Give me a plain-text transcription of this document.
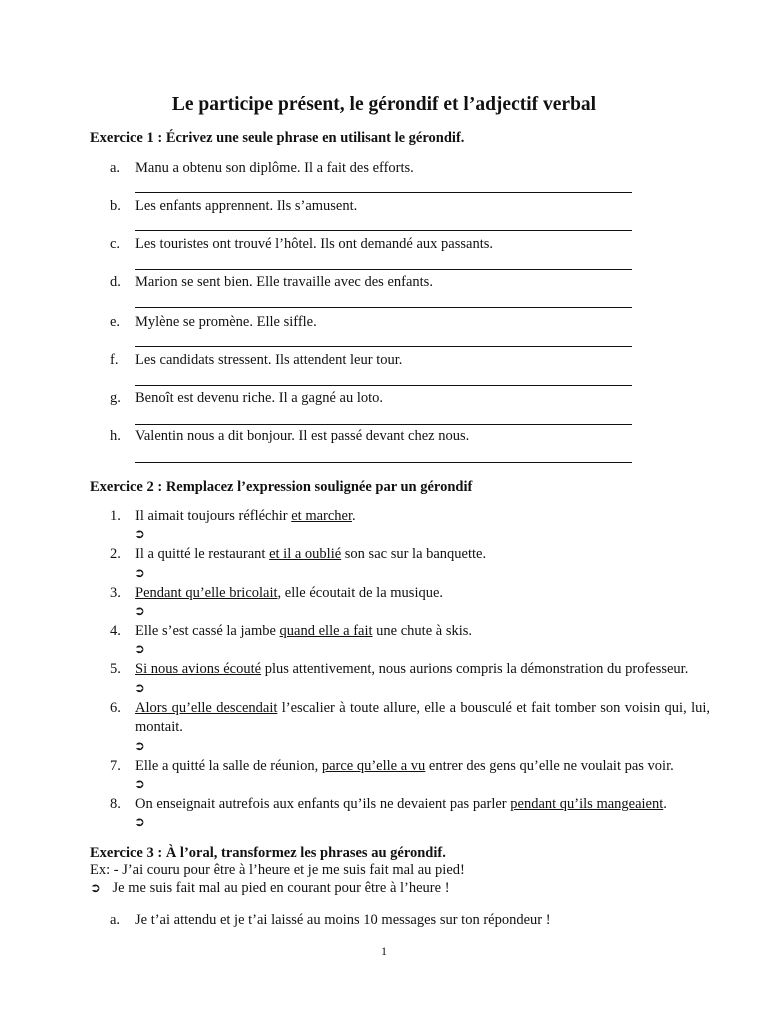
Le participe présent, le gérondif et l’adjectif verbal
Exercice 1 : Écrivez une seule phrase en utilisant le gérondif.
a.	Manu a obtenu son diplôme. Il a fait des efforts.
b. Les enfants apprennent. Ils s’amusent.
c.	Les touristes ont trouvé l’hôtel. Ils ont demandé aux passants.
d. Marion se sent bien. Elle travaille avec des enfants.
e.	Mylène se promène. Elle siffle.
f.	Les candidats stressent. Ils attendent leur tour.
g. Benoît est devenu riche. Il a gagné au loto.
h. Valentin nous a dit bonjour. Il est passé devant chez nous.
Exercice 2 : Remplacez l’expression soulignée par un gérondif
1. Il aimait toujours réfléchir et marcher.
➲
2. Il a quitté le restaurant et il a oublié son sac sur la banquette.
➲
3. Pendant qu’elle bricolait, elle écoutait de la musique.
➲
4. Elle s’est cassé la jambe quand elle a fait une chute à skis.
➲
5. Si nous avions écouté plus attentivement, nous aurions compris la démonstration du professeur.
➲
6. Alors qu’elle descendait l’escalier à toute allure, elle a bousculé et fait tomber son voisin qui, lui, montait.
➲
7. Elle a quitté la salle de réunion, parce qu’elle a vu entrer des gens qu’elle ne voulait pas voir.
➲
8. On enseignait autrefois aux enfants qu’ils ne devaient pas parler pendant qu’ils mangeaient.
➲
Exercice 3 : À l’oral, transformez les phrases au gérondif.
Ex: - J’ai couru pour être à l’heure et je me suis fait mal au pied!
➲ Je me suis fait mal au pied en courant pour être à l’heure !
a.	Je t’ai attendu et je t’ai laissé au moins 10 messages sur ton répondeur !
1
